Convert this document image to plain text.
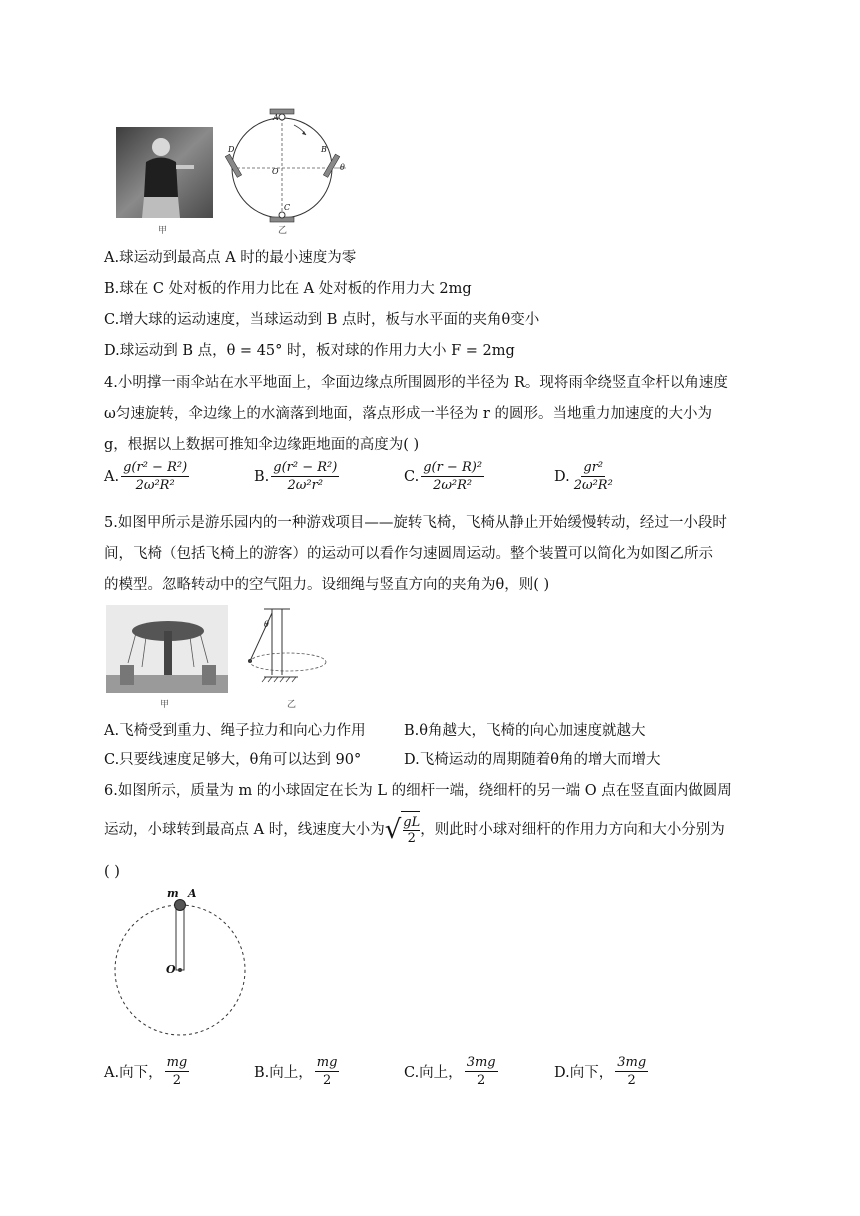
甲
A
B
C
D
O	θ
乙
A.球运动到最高点 A 时的最小速度为零
B.球在 C 处对板的作用力比在 A 处对板的作用力大 2mg
C.增大球的运动速度，当球运动到 B 点时，板与水平面的夹角θ变小
D.球运动到 B 点，θ = 45° 时，板对球的作用力大小 F = 2mg
4.小明撑一雨伞站在水平地面上，伞面边缘点所围圆形的半径为 R。现将雨伞绕竖直伞杆以角速度
ω匀速旋转，伞边缘上的水滴落到地面，落点形成一半径为 r 的圆形。当地重力加速度的大小为
g，根据以上数据可推知伞边缘距地面的高度为( )
A. $\frac{\text{g(r² − R²)}}{\text{2ω²R²}}$	B. $\frac{\text{g(r² − R²)}}{\text{2ω²r²}}$	C. $\frac{\text{g(r − R)²}}{\text{2ω²R²}}$	D. $\frac{\text{gr²}}{\text{2ω²R²}}$
5.如图甲所示是游乐园内的一种游戏项目——旋转飞椅，飞椅从静止开始缓慢转动，经过一小段时
间，飞椅（包括飞椅上的游客）的运动可以看作匀速圆周运动。整个装置可以简化为如图乙所示
的模型。忽略转动中的空气阻力。设细绳与竖直方向的夹角为θ，则( )
甲
θ
乙
A.飞椅受到重力、绳子拉力和向心力作用	B.θ角越大，飞椅的向心加速度就越大
C.只要线速度足够大，θ角可以达到 90°	D.飞椅运动的周期随着θ角的增大而增大
6.如图所示，质量为 m 的小球固定在长为 L 的细杆一端，绕细杆的另一端 O 点在竖直面内做圆周
运动，小球转到最高点 A 时，线速度大小为 √ gL
2
，则此时小球对细杆的作用力方向和大小分别为
( )
m A
O
A.向下， $\frac{mg}{2}$	B.向上， $\frac{mg}{2}$	C.向上， $\frac{3mg}{2}$	D.向下， $\frac{3mg}{2}$
